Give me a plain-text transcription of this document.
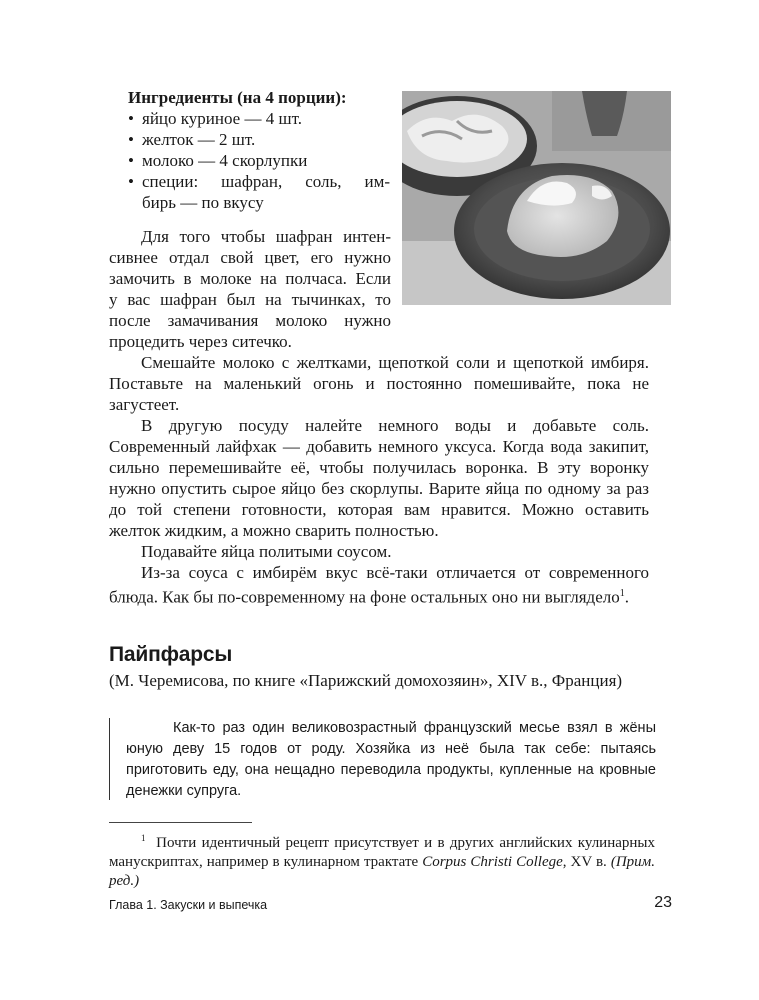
Ингредиенты (на 4 порции):
• яйцо куриное — 4 шт.
• желток — 2 шт.
• молоко — 4 скорлупки
• специи: шафран, соль, им-
бирь — по вкусу

Для того чтобы шафран интен-

сивнее отдал свой цвет, его нужно

замочить в молоке на полчаса. Если

у вас шафран был на тычинках, то

после замачивания молоко нужно

процедить через ситечко.

Смешайте молоко с желтками, щепоткой соли и щепоткой имбиря. Поставьте на маленький огонь и постоянно помешивайте, пока не загустеет.

В другую посуду налейте немного воды и добавьте соль. Современный лайфхак — добавить немного уксуса. Когда вода закипит, сильно перемешивайте её, чтобы получилась воронка. В эту воронку нужно опустить сырое яйцо без скорлупы. Варите яйца по одному за раз до той степени готовности, которая вам нравится. Можно оставить желток жидким, а можно сварить полностью.

Подавайте яйца политыми соусом.

Из-за соуса с имбирём вкус всё-таки отличается от современного блюда. Как бы по-современному на фоне остальных оно ни выглядело$^1$.

Пайпфарсы
(М. Черемисова, по книге «Парижский домохозяин», XIV в., Франция)

Как-то раз один великовозрастный французский месье взял в жёны юную деву 15 годов от роду. Хозяйка из неё была так себе: пытаясь приготовить еду, она нещадно переводила продукты, купленные на кровные денежки супруга.

$^1$ Почти идентичный рецепт присутствует и в других английских кулинарных манускриптах, например в кулинарном трактате Corpus Christi College, XV в. (Прим. ред.)

Глава 1. Закуски и выпечка	23
